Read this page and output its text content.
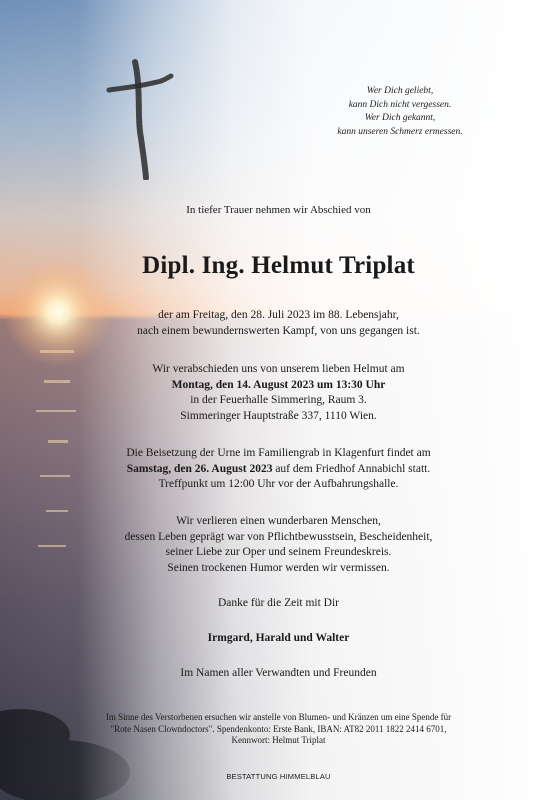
Wer Dich geliebt,
kann Dich nicht vergessen.
Wer Dich gekannt,
kann unseren Schmerz ermessen.
In tiefer Trauer nehmen wir Abschied von
Dipl. Ing. Helmut Triplat
der am Freitag, den 28. Juli 2023 im 88. Lebensjahr,
nach einem bewundernswerten Kampf, von uns gegangen ist.
Wir verabschieden uns von unserem lieben Helmut am
Montag, den 14. August 2023 um 13:30 Uhr
in der Feuerhalle Simmering, Raum 3.
Simmeringer Hauptstraße 337, 1110 Wien.
Die Beisetzung der Urne im Familiengrab in Klagenfurt findet am
Samstag, den 26. August 2023 auf dem Friedhof Annabichl statt.
Treffpunkt um 12:00 Uhr vor der Aufbahrungshalle.
Wir verlieren einen wunderbaren Menschen,
dessen Leben geprägt war von Pflichtbewusstsein, Bescheidenheit,
seiner Liebe zur Oper und seinem Freundeskreis.
Seinen trockenen Humor werden wir vermissen.
Danke für die Zeit mit Dir
Irmgard, Harald und Walter
Im Namen aller Verwandten und Freunden
Im Sinne des Verstorbenen ersuchen wir anstelle von Blumen- und Kränzen um eine Spende für
"Rote Nasen Clowndoctors". Spendenkonto: Erste Bank, IBAN: AT82 2011 1822 2414 6701,
Kennwort: Helmut Triplat
BESTATTUNG HIMMELBLAU
